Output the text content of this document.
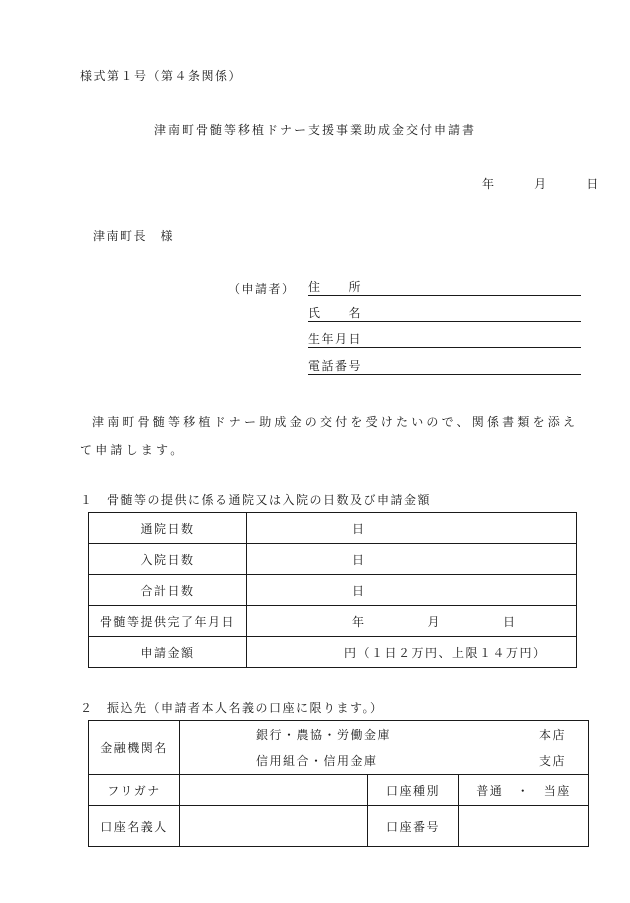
様式第１号（第４条関係）
津南町骨髄等移植ドナー支援事業助成金交付申請書
年	月	日
津南町長　様
（申請者） 住　　所
氏　　名
生年月日
電話番号
津南町骨髄等移植ドナー助成金の交付を受けたいので、関係書類を添えて申請します。
１　骨髄等の提供に係る通院又は入院の日数及び申請金額
通院日数	日
入院日数	日
合計日数	日
骨髄等提供完了年月日	年 月 日
申請金額	円（１日２万円、上限１４万円）
２　振込先（申請者本人名義の口座に限ります。）
金融機関名	銀行・農協・労働金庫 本店
信用組合・信用金庫 支店		

フリガナ		口座種別	普通　・　当座
口座名義人		口座番号	
